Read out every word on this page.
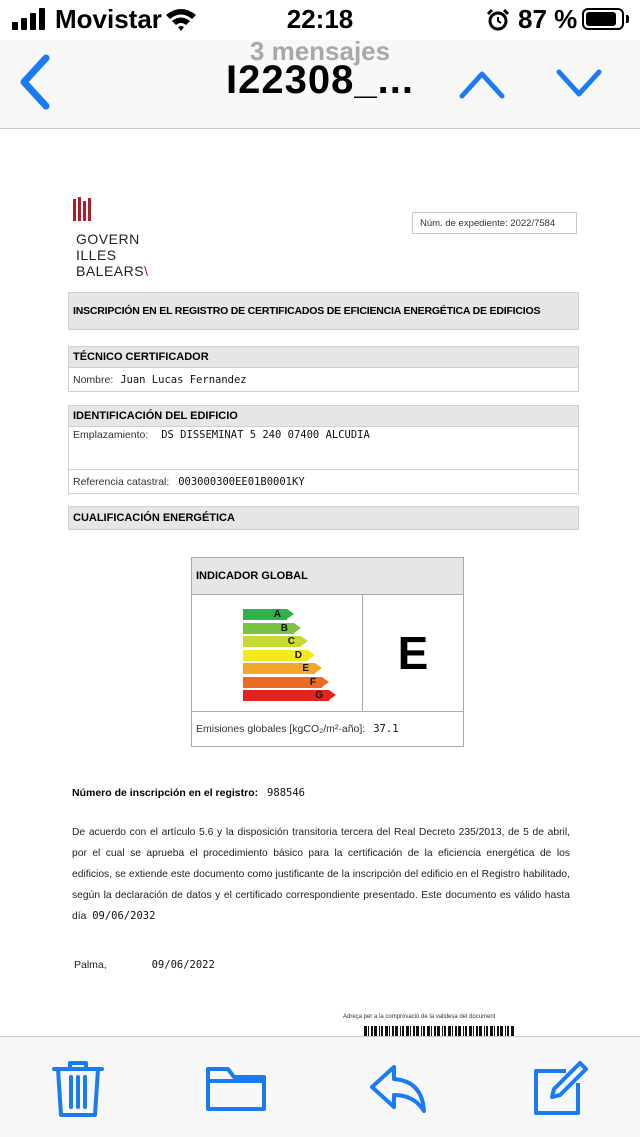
Movistar	22:18	87 %
3 mensajes
I22308_...
GOVERN
ILLES
BALEARS\
Núm. de expediente: 2022/7584
INSCRIPCIÓN EN EL REGISTRO DE CERTIFICADOS DE EFICIENCIA ENERGÉTICA DE EDIFICIOS
TÉCNICO CERTIFICADOR
Nombre: Juan Lucas Fernandez
IDENTIFICACIÓN DEL EDIFICIO
Emplazamiento: DS DISSEMINAT 5 240 07400 ALCUDIA
Referencia catastral: 003000300EE01B0001KY
CUALIFICACIÓN ENERGÉTICA
INDICADOR GLOBAL
A
B
C
D
E
F
G
E
Emisiones globales [kgCO₂/m²·año]: 37.1
Número de inscripción en el registro: 988546
De acuerdo con el artículo 5.6 y la disposición transitoria tercera del Real Decreto 235/2013, de 5 de abril, por el cual se aprueba el procedimiento básico para la certificación de la eficiencia energética de los edificios, se extiende este documento como justificante de la inscripción del edificio en el Registro habilitado, según la declaración de datos y el certificado correspondiente presentado. Este documento es válido hasta día 09/06/2032
Palma,	09/06/2022
Adreça per a la comprovació de la validesa del document
